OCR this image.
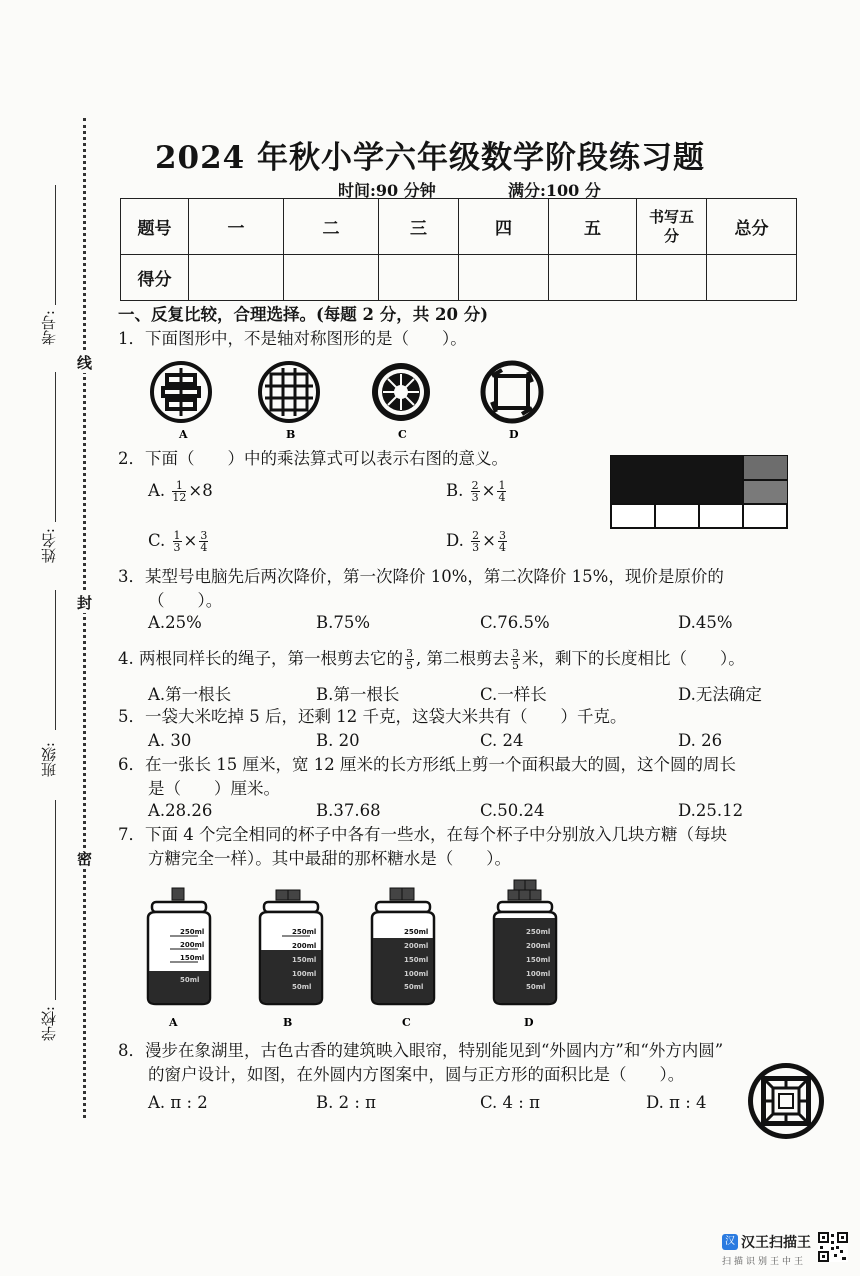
2024 年秋小学六年级数学阶段练习题
时间:90 分钟	满分:100 分
题号	一	二	三	四	五	书写五分	总分
得分							
考号:
姓名:
班级:
学校:
线
封
密
一、反复比较，合理选择。(每题 2 分，共 20 分)
1．下面图形中，不是轴对称图形的是（　　）。
A	B	C	D
2．下面（　　）中的乘法算式可以表示右图的意义。
A. $\frac{1}{12} \times 8$	B. $\frac{2}{3} \times \frac{1}{4}$
C. $\frac{1}{3} \times \frac{3}{4}$	D. $\frac{2}{3} \times \frac{3}{4}$
3．某型号电脑先后两次降价，第一次降价 10%，第二次降价 15%，现价是原价的
（　　）。
A.25%	B.75%	C.76.5%	D.45%
4. 两根同样长的绳子，第一根剪去它的 $\frac{3}{5}$ , 第二根剪去 $\frac{3}{5}$ 米，剩下的长度相比（　　）。
A.第一根长	B.第一根长	C.一样长	D.无法确定
5．一袋大米吃掉 5 后，还剩 12 千克，这袋大米共有（　　）千克。
A. 30	B. 20	C. 24	D. 26
6．在一张长 15 厘米，宽 12 厘米的长方形纸上剪一个面积最大的圆，这个圆的周长
是（　　）厘米。
A.28.26	B.37.68	C.50.24	D.25.12
7．下面 4 个完全相同的杯子中各有一些水，在每个杯子中分别放入几块方糖（每块
方糖完全一样）。其中最甜的那杯糖水是（　　）。
A	B	C	D
250ml
200ml
150ml
50ml
250ml
200ml
150ml
100ml
50ml
250ml
200ml
150ml
100ml
50ml
250ml
200ml
150ml
100ml
50ml
8．漫步在象湖里，古色古香的建筑映入眼帘，特别能见到“外圆内方”和“外方内圆”
的窗户设计，如图，在外圆内方图案中，圆与正方形的面积比是（　　）。
A. π : 2	B. 2 : π	C. 4 : π	D. π : 4
汉 汉王扫描王
扫描识别王中王
